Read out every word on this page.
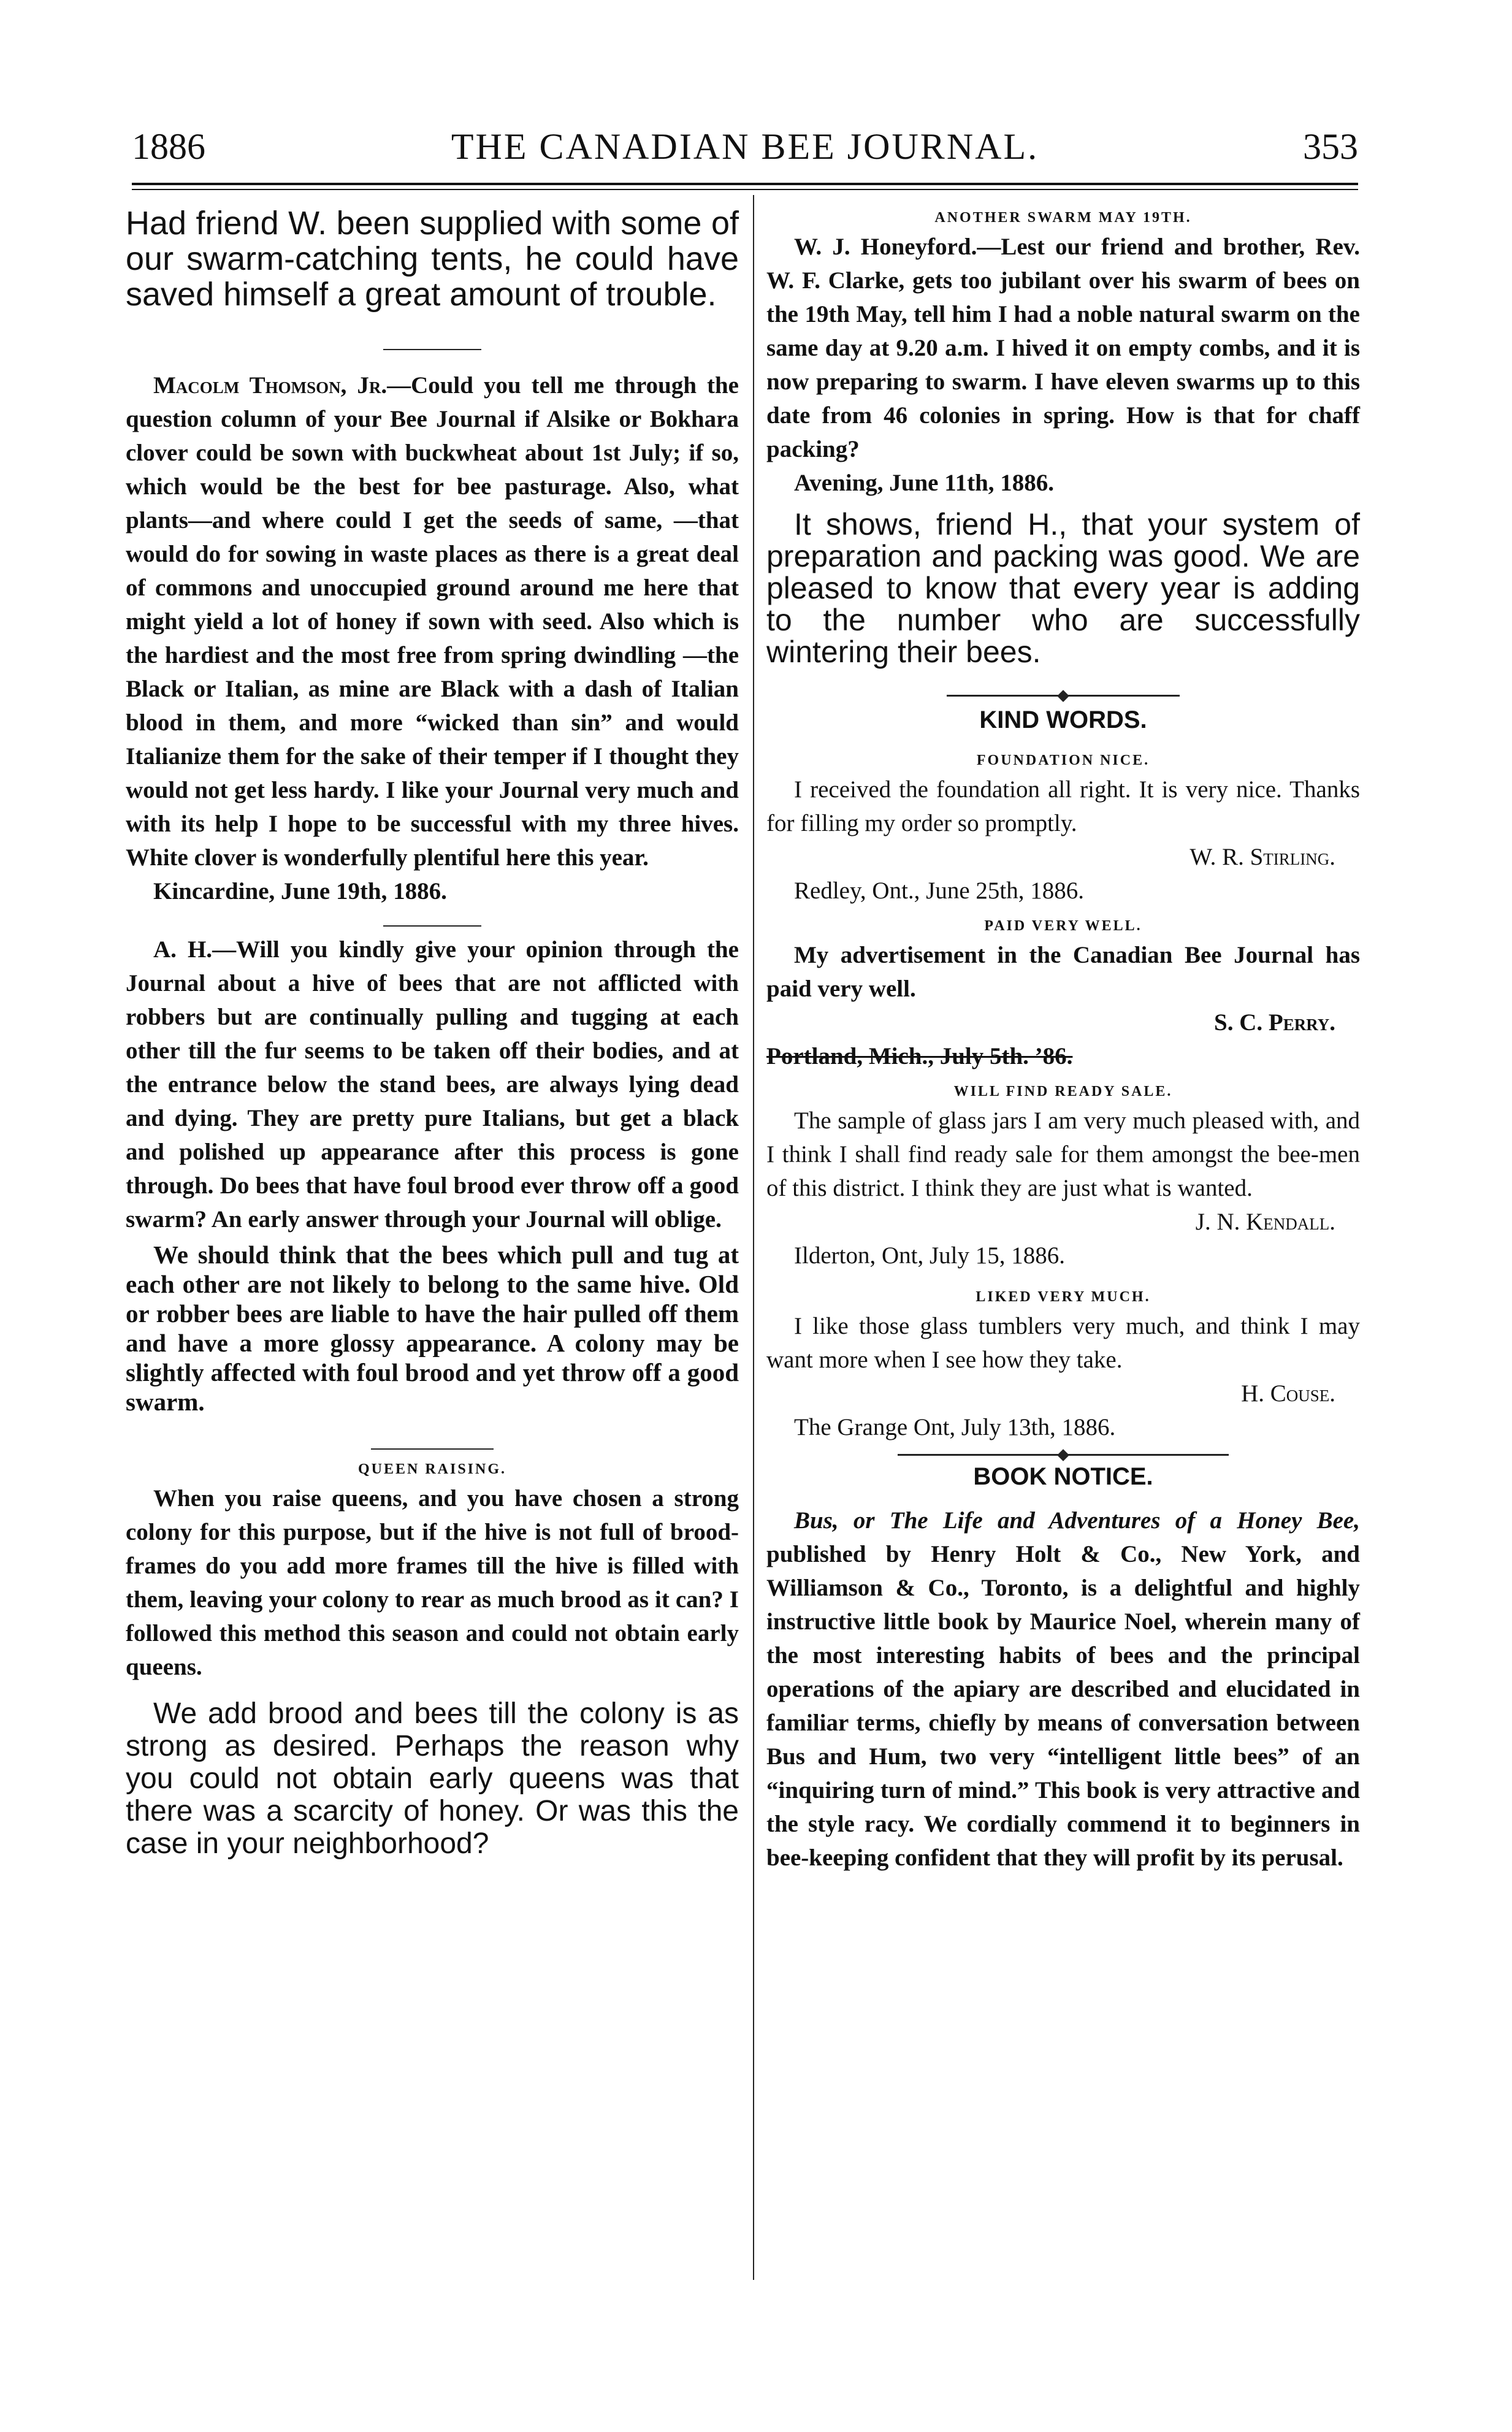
1886	THE CANADIAN BEE JOURNAL.	353

Had friend W. been supplied with some of our swarm-catching tents, he could have saved himself a great amount of trouble.

Macolm Thomson, Jr.—Could you tell me through the question column of your Bee Journal if Alsike or Bokhara clover could be sown with buckwheat about 1st July; if so, which would be the best for bee pasturage. Also, what plants—and where could I get the seeds of same, —that would do for sowing in waste places as there is a great deal of commons and unoccupied ground around me here that might yield a lot of honey if sown with seed. Also which is the hardiest and the most free from spring dwindling —the Black or Italian, as mine are Black with a dash of Italian blood in them, and more “wicked than sin” and would Italianize them for the sake of their temper if I thought they would not get less hardy. I like your Journal very much and with its help I hope to be successful with my three hives. White clover is wonderfully plentiful here this year.

Kincardine, June 19th, 1886.

A. H.—Will you kindly give your opinion through the Journal about a hive of bees that are not afflicted with robbers but are continually pulling and tugging at each other till the fur seems to be taken off their bodies, and at the entrance below the stand bees, are always lying dead and dying. They are pretty pure Italians, but get a black and polished up appearance after this process is gone through. Do bees that have foul brood ever throw off a good swarm? An early answer through your Journal will oblige.

We should think that the bees which pull and tug at each other are not likely to belong to the same hive. Old or robber bees are liable to have the hair pulled off them and have a more glossy appearance. A colony may be slightly affected with foul brood and yet throw off a good swarm.

QUEEN RAISING.

When you raise queens, and you have chosen a strong colony for this purpose, but if the hive is not full of brood-frames do you add more frames till the hive is filled with them, leaving your colony to rear as much brood as it can? I followed this method this season and could not obtain early queens.

We add brood and bees till the colony is as strong as desired. Perhaps the reason why you could not obtain early queens was that there was a scarcity of honey. Or was this the case in your neighborhood?

ANOTHER SWARM MAY 19TH.

W. J. Honeyford.—Lest our friend and brother, Rev. W. F. Clarke, gets too jubilant over his swarm of bees on the 19th May, tell him I had a noble natural swarm on the same day at 9.20 a.m. I hived it on empty combs, and it is now preparing to swarm. I have eleven swarms up to this date from 46 colonies in spring. How is that for chaff packing?

Avening, June 11th, 1886.

It shows, friend H., that your system of preparation and packing was good. We are pleased to know that every year is adding to the number who are successfully wintering their bees.

KIND WORDS.

FOUNDATION NICE.

I received the foundation all right. It is very nice. Thanks for filling my order so promptly.

W. R. Stirling.

Redley, Ont., June 25th, 1886.

PAID VERY WELL.

My advertisement in the Canadian Bee Journal has paid very well.

S. C. Perry.

Portland, Mich., July 5th. ’86.

WILL FIND READY SALE.

The sample of glass jars I am very much pleased with, and I think I shall find ready sale for them amongst the bee-men of this district. I think they are just what is wanted.

J. N. Kendall.

Ilderton, Ont, July 15, 1886.

LIKED VERY MUCH.

I like those glass tumblers very much, and think I may want more when I see how they take.

H. Couse.

The Grange Ont, July 13th, 1886.

BOOK NOTICE.

Bus, or The Life and Adventures of a Honey Bee, published by Henry Holt & Co., New York, and Williamson & Co., Toronto, is a delightful and highly instructive little book by Maurice Noel, wherein many of the most interesting habits of bees and the principal operations of the apiary are described and elucidated in familiar terms, chiefly by means of conversation between Bus and Hum, two very “intelligent little bees” of an “inquiring turn of mind.” This book is very attractive and the style racy. We cordially commend it to beginners in bee-keeping confident that they will profit by its perusal.
